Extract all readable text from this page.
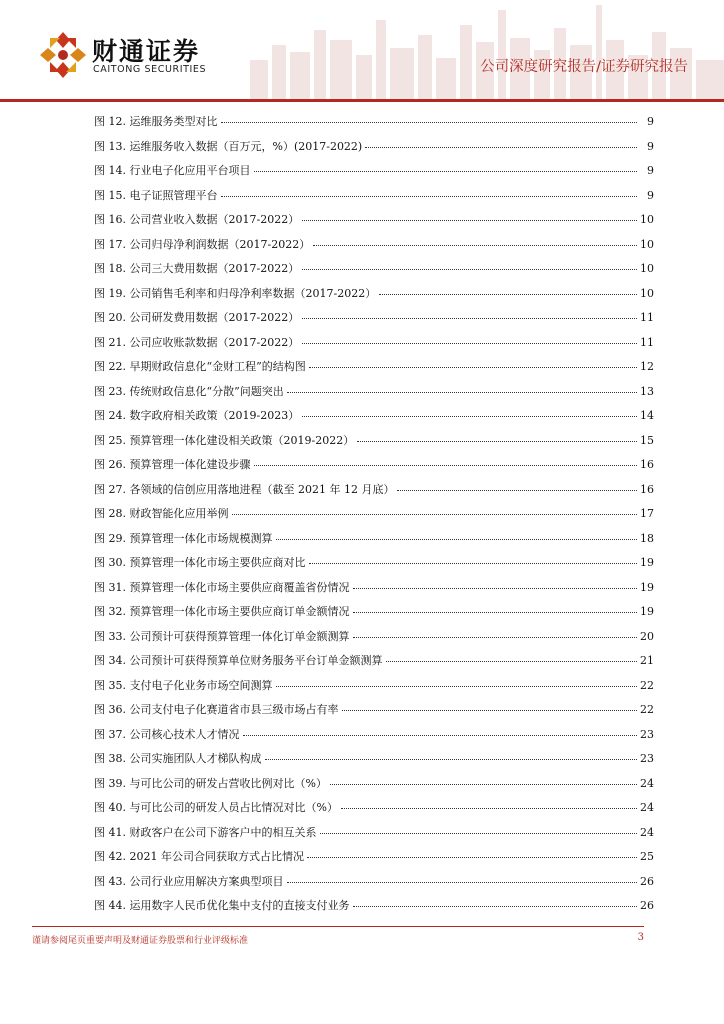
财通证券
CAITONG SECURITIES	公司深度研究报告/证券研究报告
图 12. 运维服务类型对比	9
图 13. 运维服务收入数据（百万元，%）(2017-2022)	9
图 14. 行业电子化应用平台项目	9
图 15. 电子证照管理平台	9
图 16. 公司营业收入数据（2017-2022）	10
图 17. 公司归母净利润数据（2017-2022）	10
图 18. 公司三大费用数据（2017-2022）	10
图 19. 公司销售毛利率和归母净利率数据（2017-2022）	10
图 20. 公司研发费用数据（2017-2022）	11
图 21. 公司应收账款数据（2017-2022）	11
图 22. 早期财政信息化“金财工程”的结构图	12
图 23. 传统财政信息化“分散”问题突出	13
图 24. 数字政府相关政策（2019-2023）	14
图 25. 预算管理一体化建设相关政策（2019-2022）	15
图 26. 预算管理一体化建设步骤	16
图 27. 各领域的信创应用落地进程（截至 2021 年 12 月底）	16
图 28. 财政智能化应用举例	17
图 29. 预算管理一体化市场规模测算	18
图 30. 预算管理一体化市场主要供应商对比	19
图 31. 预算管理一体化市场主要供应商覆盖省份情况	19
图 32. 预算管理一体化市场主要供应商订单金额情况	19
图 33. 公司预计可获得预算管理一体化订单金额测算	20
图 34. 公司预计可获得预算单位财务服务平台订单金额测算	21
图 35. 支付电子化业务市场空间测算	22
图 36. 公司支付电子化赛道省市县三级市场占有率	22
图 37. 公司核心技术人才情况	23
图 38. 公司实施团队人才梯队构成	23
图 39. 与可比公司的研发占营收比例对比（%）	24
图 40. 与可比公司的研发人员占比情况对比（%）	24
图 41. 财政客户在公司下游客户中的相互关系	24
图 42. 2021 年公司合同获取方式占比情况	25
图 43. 公司行业应用解决方案典型项目	26
图 44. 运用数字人民币优化集中支付的直接支付业务	26
谨请参阅尾页重要声明及财通证券股票和行业评级标准	3
